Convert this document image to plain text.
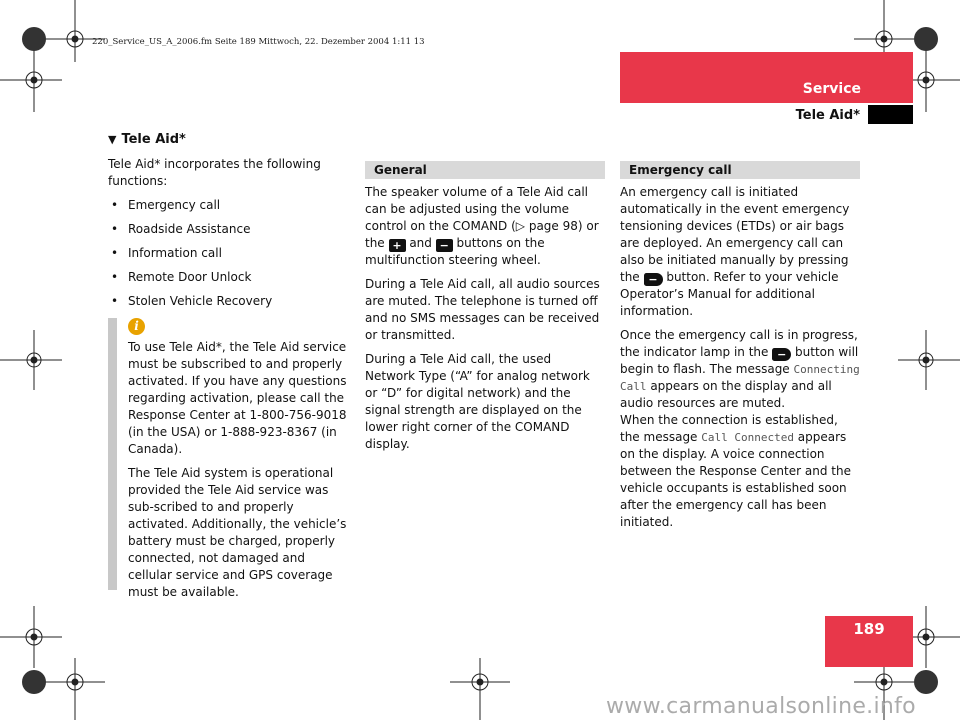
220_Service_US_A_2006.fm Seite 189 Mittwoch, 22. Dezember 2004 1:11 13
Service
Tele Aid*
189
▼ Tele Aid*

Tele Aid* incorporates the following functions:

• Emergency call
• Roadside Assistance
• Information call
• Remote Door Unlock
• Stolen Vehicle Recovery
i

To use Tele Aid*, the Tele Aid service must be subscribed to and properly activated. If you have any questions regarding activation, please call the Response Center at 1-800-756-9018 (in the USA) or 1-888-923-8367 (in Canada).

The Tele Aid system is operational provided the Tele Aid service was sub-scribed to and properly activated. Additionally, the vehicle’s battery must be charged, properly connected, not damaged and cellular service and GPS coverage must be available.

General

The speaker volume of a Tele Aid call can be adjusted using the volume control on the COMAND (▷ page 98) or the + and − buttons on the multifunction steering wheel.

During a Tele Aid call, all audio sources are muted. The telephone is turned off and no SMS messages can be received or transmitted.

During a Tele Aid call, the used Network Type (“A” for analog network or “D” for digital network) and the signal strength are displayed on the lower right corner of the COMAND display.

Emergency call

An emergency call is initiated automatically in the event emergency tensioning devices (ETDs) or air bags are deployed. An emergency call can also be initiated manually by pressing the − button. Refer to your vehicle Operator’s Manual for additional information.

Once the emergency call is in progress, the indicator lamp in the − button will begin to flash. The message Connecting Call appears on the display and all audio resources are muted.

When the connection is established, the message Call Connected appears on the display. A voice connection between the Response Center and the vehicle occupants is established soon after the emergency call has been initiated.

www.carmanualsonline.info
